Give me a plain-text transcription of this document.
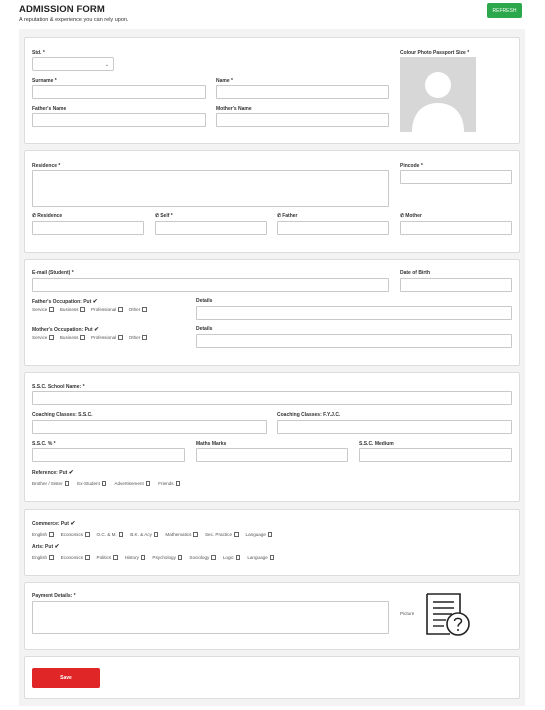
ADMISSION FORM
A reputation & experience you can rely upon.
REFRESH
Std. *
⌄
Colour Photo Passport Size *
Surname *	Name *
Father's Name	Mother's Name
Residence *	Pincode *
✆Residence	✆Self *	✆Father	✆Mother
E-mail (Student) *	Date of Birth
Father's Occupation: Put ✔
Service	Business	Professional	Other
Details
Mother's Occupation: Put ✔
Service	Business	Professional	Other
Details
S.S.C. School Name: *
Coaching Classes: S.S.C.	Coaching Classes: F.Y.J.C.
S.S.C. % *	Maths Marks	S.S.C. Medium
Reference: Put ✔
Brother / Sister	Ex-Student	Advertisement	Friends
Commerce: Put ✔
English	Economics	O.C. & M.	B.K. & Acy	Mathematics	Sec. Practice	Language
Arts: Put ✔
English	Economics	Politics	History	Psychology	Sociology	Logic	Language
Payment Details: *
Picture
Save
